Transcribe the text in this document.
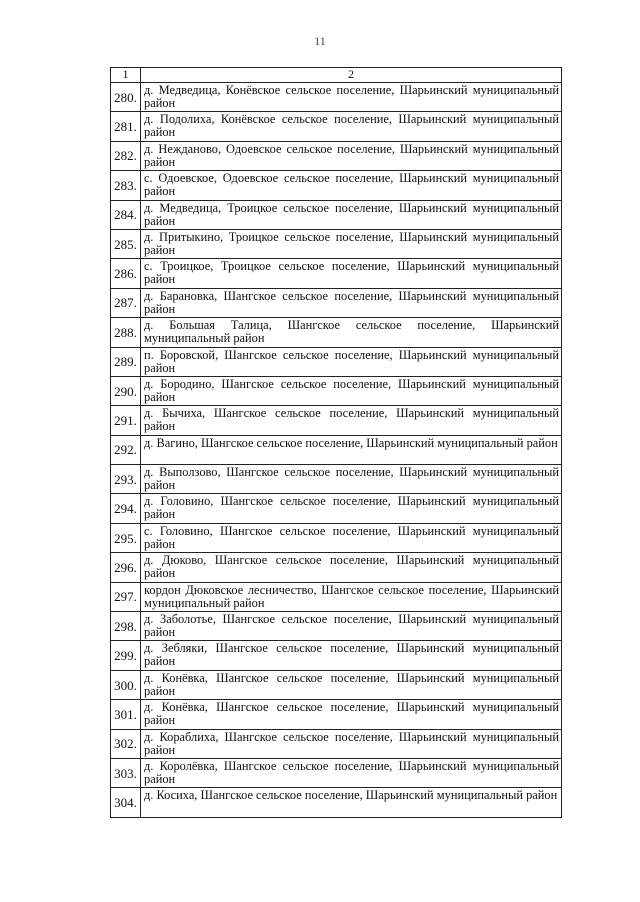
11
1	2
280.	д. Медведица, Конёвское сельское поселение, Шарьинский муниципальный район
281.	д. Подолиха, Конёвское сельское поселение, Шарьинский муниципальный район
282.	д. Нежданово, Одоевское сельское поселение, Шарьинский муниципальный район
283.	с. Одоевское, Одоевское сельское поселение, Шарьинский муниципальный район
284.	д. Медведица, Троицкое сельское поселение, Шарьинский муниципальный район
285.	д. Притыкино, Троицкое сельское поселение, Шарьинский муниципальный район
286.	с. Троицкое, Троицкое сельское поселение, Шарьинский муниципальный район
287.	д. Барановка, Шангское сельское поселение, Шарьинский муниципальный район
288.	д. Большая Талица, Шангское сельское поселение, Шарьинский муниципальный район
289.	п. Боровской, Шангское сельское поселение, Шарьинский муниципальный район
290.	д. Бородино, Шангское сельское поселение, Шарьинский муниципальный район
291.	д. Бычиха, Шангское сельское поселение, Шарьинский муниципальный район
292.	д. Вагино, Шангское сельское поселение, Шарьинский муниципальный район
293.	д. Выползово, Шангское сельское поселение, Шарьинский муниципальный район
294.	д. Головино, Шангское сельское поселение, Шарьинский муниципальный район
295.	с. Головино, Шангское сельское поселение, Шарьинский муниципальный район
296.	д. Дюково, Шангское сельское поселение, Шарьинский муниципальный район
297.	кордон Дюковское лесничество, Шангское сельское поселение, Шарьинский муниципальный район
298.	д. Заболотье, Шангское сельское поселение, Шарьинский муниципальный район
299.	д. Зебляки, Шангское сельское поселение, Шарьинский муниципальный район
300.	д. Конёвка, Шангское сельское поселение, Шарьинский муниципальный район
301.	д. Конёвка, Шангское сельское поселение, Шарьинский муниципальный район
302.	д. Кораблиха, Шангское сельское поселение, Шарьинский муниципальный район
303.	д. Королёвка, Шангское сельское поселение, Шарьинский муниципальный район
304.	д. Косиха, Шангское сельское поселение, Шарьинский муниципальный район
